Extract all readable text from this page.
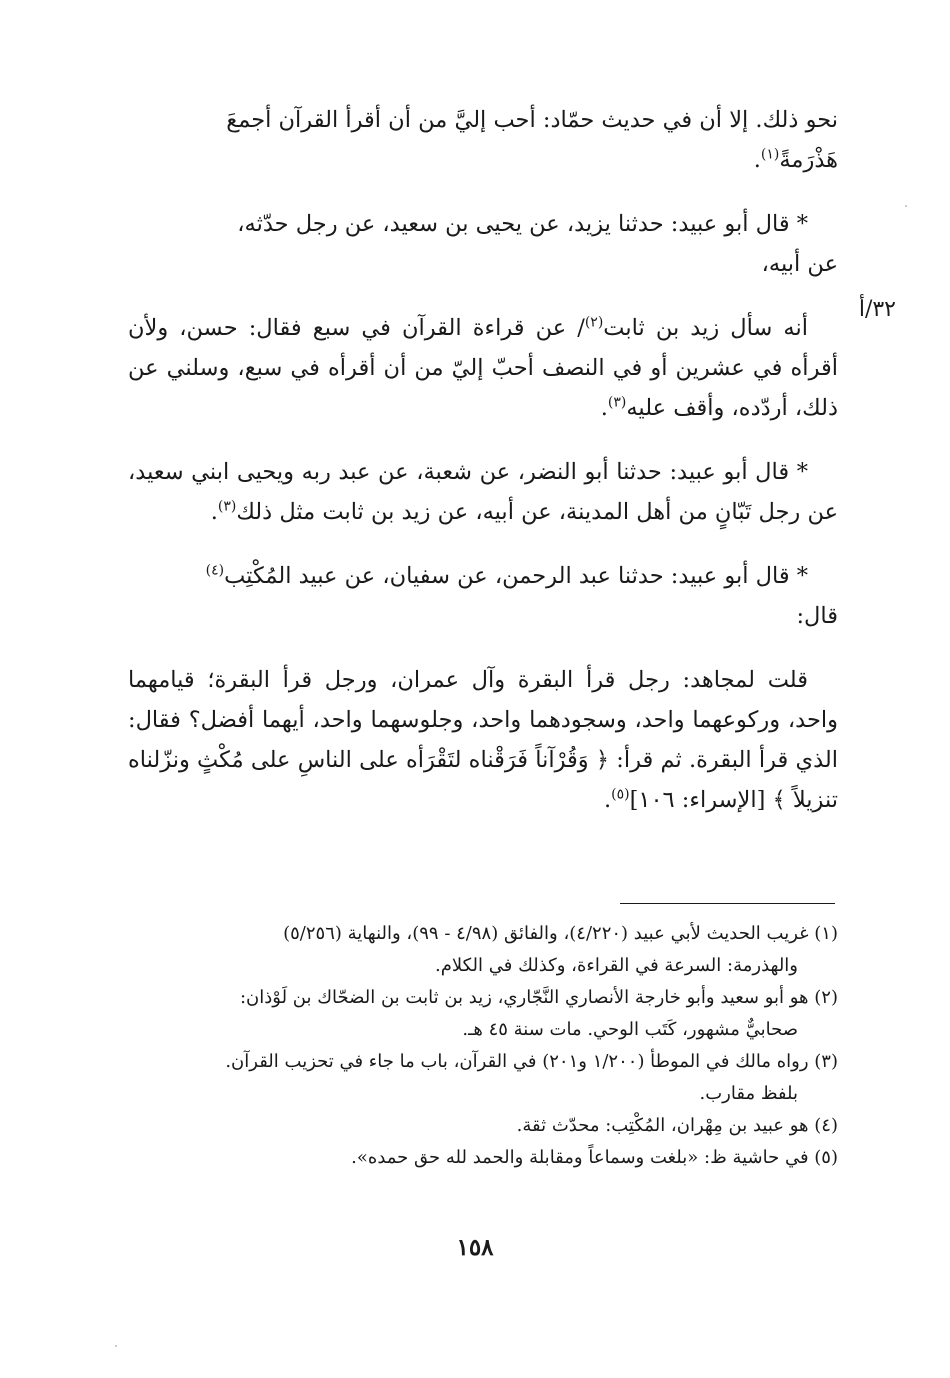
٣٢/أ

نحو ذلك. إلا أن في حديث حمّاد: أحب إليَّ من أن أقرأ القرآن أجمعَ
هَذْرَمةً$^{(١)}$.

* قال أبو عبيد: حدثنا يزيد، عن يحيى بن سعيد، عن رجل حدّثه،
عن أبيه،

أنه سأل زيد بن ثابت$^{(٢)}$/ عن قراءة القرآن في سبع فقال: حسن، ولأن أقرأه في عشرين أو في النصف أحبّ إليّ من أن أقرأه في سبع، وسلني عن ذلك، أردّده، وأقف عليه$^{(٣)}$.

* قال أبو عبيد: حدثنا أبو النضر، عن شعبة، عن عبد ربه ويحيى ابني سعيد، عن رجل تَبّانٍ من أهل المدينة، عن أبيه، عن زيد بن ثابت مثل ذلك$^{(٣)}$.

* قال أبو عبيد: حدثنا عبد الرحمن، عن سفيان، عن عبيد المُكْتِب$^{(٤)}$
قال:

قلت لمجاهد: رجل قرأ البقرة وآل عمران، ورجل قرأ البقرة؛ قيامهما واحد، وركوعهما واحد، وسجودهما واحد، وجلوسهما واحد، أيهما أفضل؟ فقال: الذي قرأ البقرة. ثم قرأ: ﴿ وَقُرْآناً فَرَقْناه لتَقْرَأه على الناسِ على مُكْثٍ ونزّلناه تنزيلاً ﴾ [الإسراء: ١٠٦]$^{(٥)}$.

(١) غريب الحديث لأبي عبيد (٤/٢٢٠)، والفائق (٤/٩٨ - ٩٩)، والنهاية (٥/٢٥٦)

والهذرمة: السرعة في القراءة، وكذلك في الكلام.

(٢) هو أبو سعيد وأبو خارجة الأنصاري النَّجّاري، زيد بن ثابت بن الضحّاك بن لَوْذان:

صحابيٌّ مشهور، كَتَب الوحي. مات سنة ٤٥ هـ.

(٣) رواه مالك في الموطأ (١/٢٠٠ و٢٠١) في القرآن، باب ما جاء في تحزيب القرآن.

بلفظ مقارب.

(٤) هو عبيد بن مِهْران، المُكْتِب: محدّث ثقة.

(٥) في حاشية ظ: «بلغت وسماعاً ومقابلة والحمد لله حق حمده».

١٥٨
